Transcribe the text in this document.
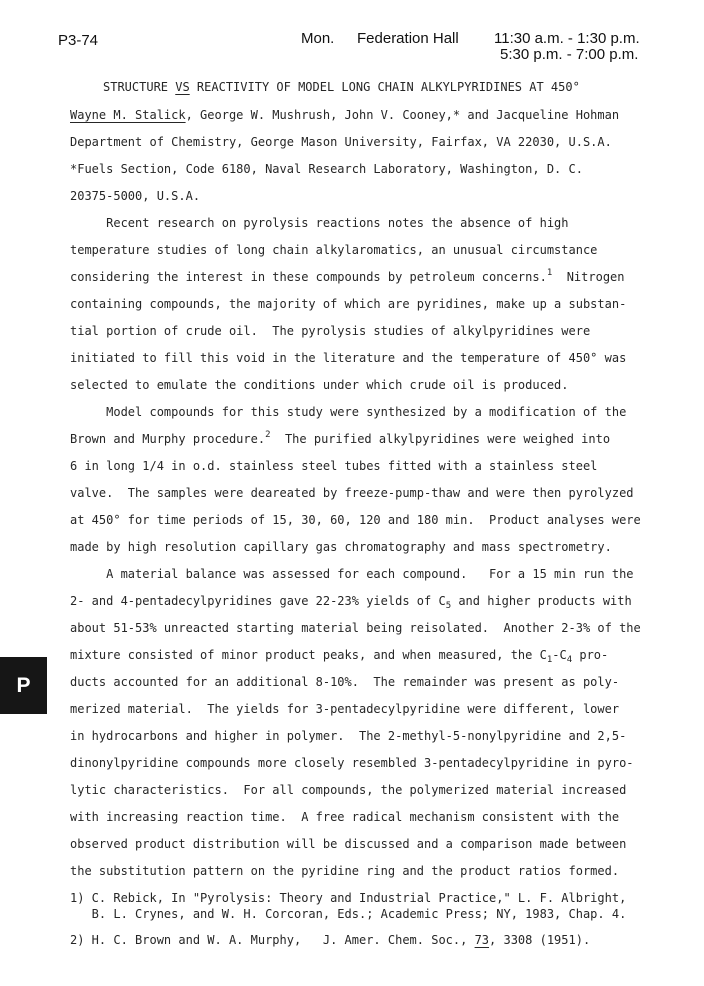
P3-74	Mon. Federation Hall 11:30 a.m. - 1:30 p.m.
5:30 p.m. - 7:00 p.m.
STRUCTURE VS REACTIVITY OF MODEL LONG CHAIN ALKYLPYRIDINES AT 450°
Wayne M. Stalick, George W. Mushrush, John V. Cooney,* and Jacqueline Hohman
Department of Chemistry, George Mason University, Fairfax, VA 22030, U.S.A.
*Fuels Section, Code 6180, Naval Research Laboratory, Washington, D. C.
20375-5000, U.S.A.
Recent research on pyrolysis reactions notes the absence of high
temperature studies of long chain alkylaromatics, an unusual circumstance
considering the interest in these compounds by petroleum concerns.$^1$  Nitrogen
containing compounds, the majority of which are pyridines, make up a substan-
tial portion of crude oil.  The pyrolysis studies of alkylpyridines were
initiated to fill this void in the literature and the temperature of 450° was
selected to emulate the conditions under which crude oil is produced.
Model compounds for this study were synthesized by a modification of the
Brown and Murphy procedure.$^2$  The purified alkylpyridines were weighed into
6 in long 1/4 in o.d. stainless steel tubes fitted with a stainless steel
valve.  The samples were deareated by freeze-pump-thaw and were then pyrolyzed
at 450° for time periods of 15, 30, 60, 120 and 180 min.  Product analyses were
made by high resolution capillary gas chromatography and mass spectrometry.
A material balance was assessed for each compound.   For a 15 min run the
2- and 4-pentadecylpyridines gave 22-23% yields of $C_5$ and higher products with
about 51-53% unreacted starting material being reisolated.  Another 2-3% of the
mixture consisted of minor product peaks, and when measured, the $C_1-C_4$ pro-
ducts accounted for an additional 8-10%.  The remainder was present as poly-
merized material.  The yields for 3-pentadecylpyridine were different, lower
in hydrocarbons and higher in polymer.  The 2-methyl-5-nonylpyridine and 2,5-
dinonylpyridine compounds more closely resembled 3-pentadecylpyridine in pyro-
lytic characteristics.  For all compounds, the polymerized material increased
with increasing reaction time.  A free radical mechanism consistent with the
observed product distribution will be discussed and a comparison made between
the substitution pattern on the pyridine ring and the product ratios formed.
1) C. Rebick, In "Pyrolysis: Theory and Industrial Practice," L. F. Albright,
B. L. Crynes, and W. H. Corcoran, Eds.; Academic Press; NY, 1983, Chap. 4.
2) H. C. Brown and W. A. Murphy,   J. Amer. Chem. Soc., 73, 3308 (1951).
P
